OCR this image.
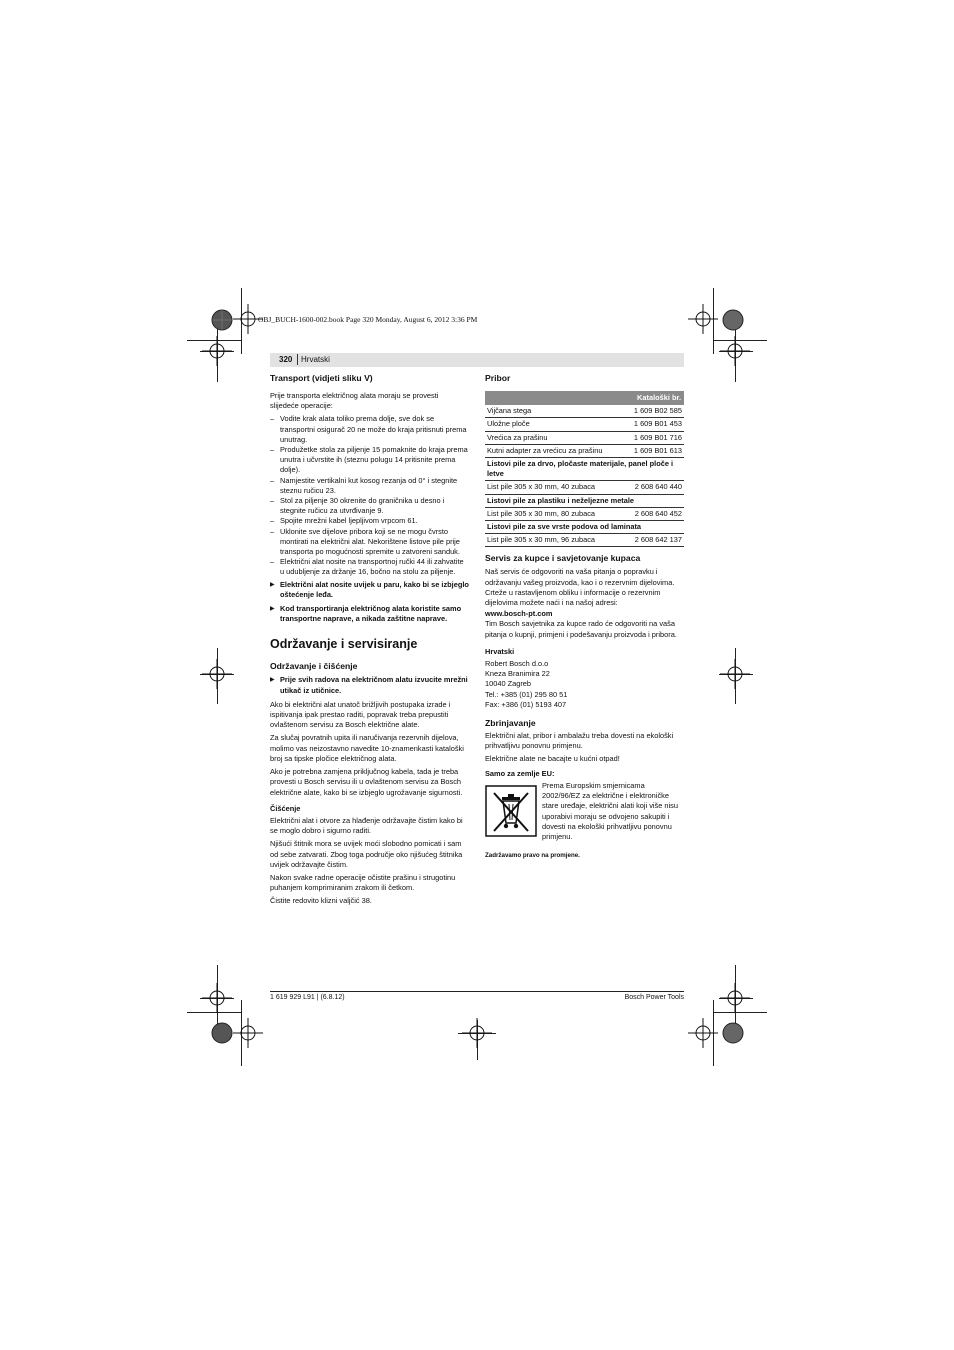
OBJ_BUCH-1600-002.book Page 320 Monday, August 6, 2012 3:36 PM
320 Hrvatski
Transport (vidjeti sliku V)

Prije transporta električnog alata moraju se provesti slijedeće operacije:

– Vodite krak alata toliko prema dolje, sve dok se transportni osigurač 20 ne može do kraja pritisnuti prema unutrag.
– Produžetke stola za piljenje 15 pomaknite do kraja prema unutra i učvrstite ih (steznu polugu 14 pritisnite prema dolje).
– Namjestite vertikalni kut kosog rezanja od 0° i stegnite steznu ručicu 23.
– Stol za piljenje 30 okrenite do graničnika u desno i stegnite ručicu za utvrđivanje 9.
– Spojite mrežni kabel ljepljivom vrpcom 61.
– Uklonite sve dijelove pribora koji se ne mogu čvrsto montirati na električni alat. Nekorištene listove pile prije transporta po mogućnosti spremite u zatvoreni sanduk.
– Električni alat nosite na transportnoj ručki 44 ili zahvatite u udubljenje za držanje 16, bočno na stolu za piljenje.
▶ Električni alat nosite uvijek u paru, kako bi se izbjeglo oštećenje leđa.
▶ Kod transportiranja električnog alata koristite samo transportne naprave, a nikada zaštitne naprave.
Održavanje i servisiranje
Održavanje i čišćenje
▶ Prije svih radova na električnom alatu izvucite mrežni utikač iz utičnice.

Ako bi električni alat unatoč brižljivih postupaka izrade i ispitivanja ipak prestao raditi, popravak treba prepustiti ovlaštenom servisu za Bosch električne alate.

Za slučaj povratnih upita ili naručivanja rezervnih dijelova, molimo vas neizostavno navedite 10-znamenkasti kataloški broj sa tipske pločice električnog alata.

Ako je potrebna zamjena priključnog kabela, tada je treba provesti u Bosch servisu ili u ovlaštenom servisu za Bosch električne alate, kako bi se izbjeglo ugrožavanje sigurnosti.

Čišćenje

Električni alat i otvore za hlađenje održavajte čistim kako bi se moglo dobro i sigurno raditi.

Njišući štitnik mora se uvijek moći slobodno pomicati i sam od sebe zatvarati. Zbog toga područje oko njišućeg štitnika uvijek održavajte čistim.

Nakon svake radne operacije očistite prašinu i strugotinu puhanjem komprimiranim zrakom ili četkom.

Čistite redovito klizni valjčić 38.

Pribor
Kataloški br.	
Vijčana stega	1 609 B02 585
Uložne ploče	1 609 B01 453
Vrećica za prašinu	1 609 B01 716
Kutni adapter za vrećicu za prašinu	1 609 B01 613
Listovi pile za drvo, pločaste materijale, panel ploče i letve	
List pile 305 x 30 mm, 40 zubaca	2 608 640 440
Listovi pile za plastiku i neželjezne metale	
List pile 305 x 30 mm, 80 zubaca	2 608 640 452
Listovi pile za sve vrste podova od laminata	
List pile 305 x 30 mm, 96 zubaca	2 608 642 137
Servis za kupce i savjetovanje kupaca

Naš servis će odgovoriti na vaša pitanja o popravku i održavanju vašeg proizvoda, kao i o rezervnim dijelovima. Crteže u rastavljenom obliku i informacije o rezervnim dijelovima možete naći i na našoj adresi:

www.bosch-pt.com

Tim Bosch savjetnika za kupce rado će odgovoriti na vaša pitanja o kupnji, primjeni i podešavanju proizvoda i pribora.

Hrvatski
Robert Bosch d.o.o
Kneza Branimira 22
10040 Zagreb
Tel.: +385 (01) 295 80 51
Fax: +386 (01) 5193 407
Zbrinjavanje

Električni alat, pribor i ambalažu treba dovesti na ekološki prihvatljivu ponovnu primjenu.

Električne alate ne bacajte u kućni otpad!

Samo za zemlje EU:

Prema Europskim smjernicama 2002/96/EZ za električne i elektroničke stare uređaje, električni alati koji više nisu uporabivi moraju se odvojeno sakupiti i dovesti na ekološki prihvatljivu ponovnu primjenu.

Zadržavamo pravo na promjene.

1 619 929 L91 | (6.8.12)	Bosch Power Tools
